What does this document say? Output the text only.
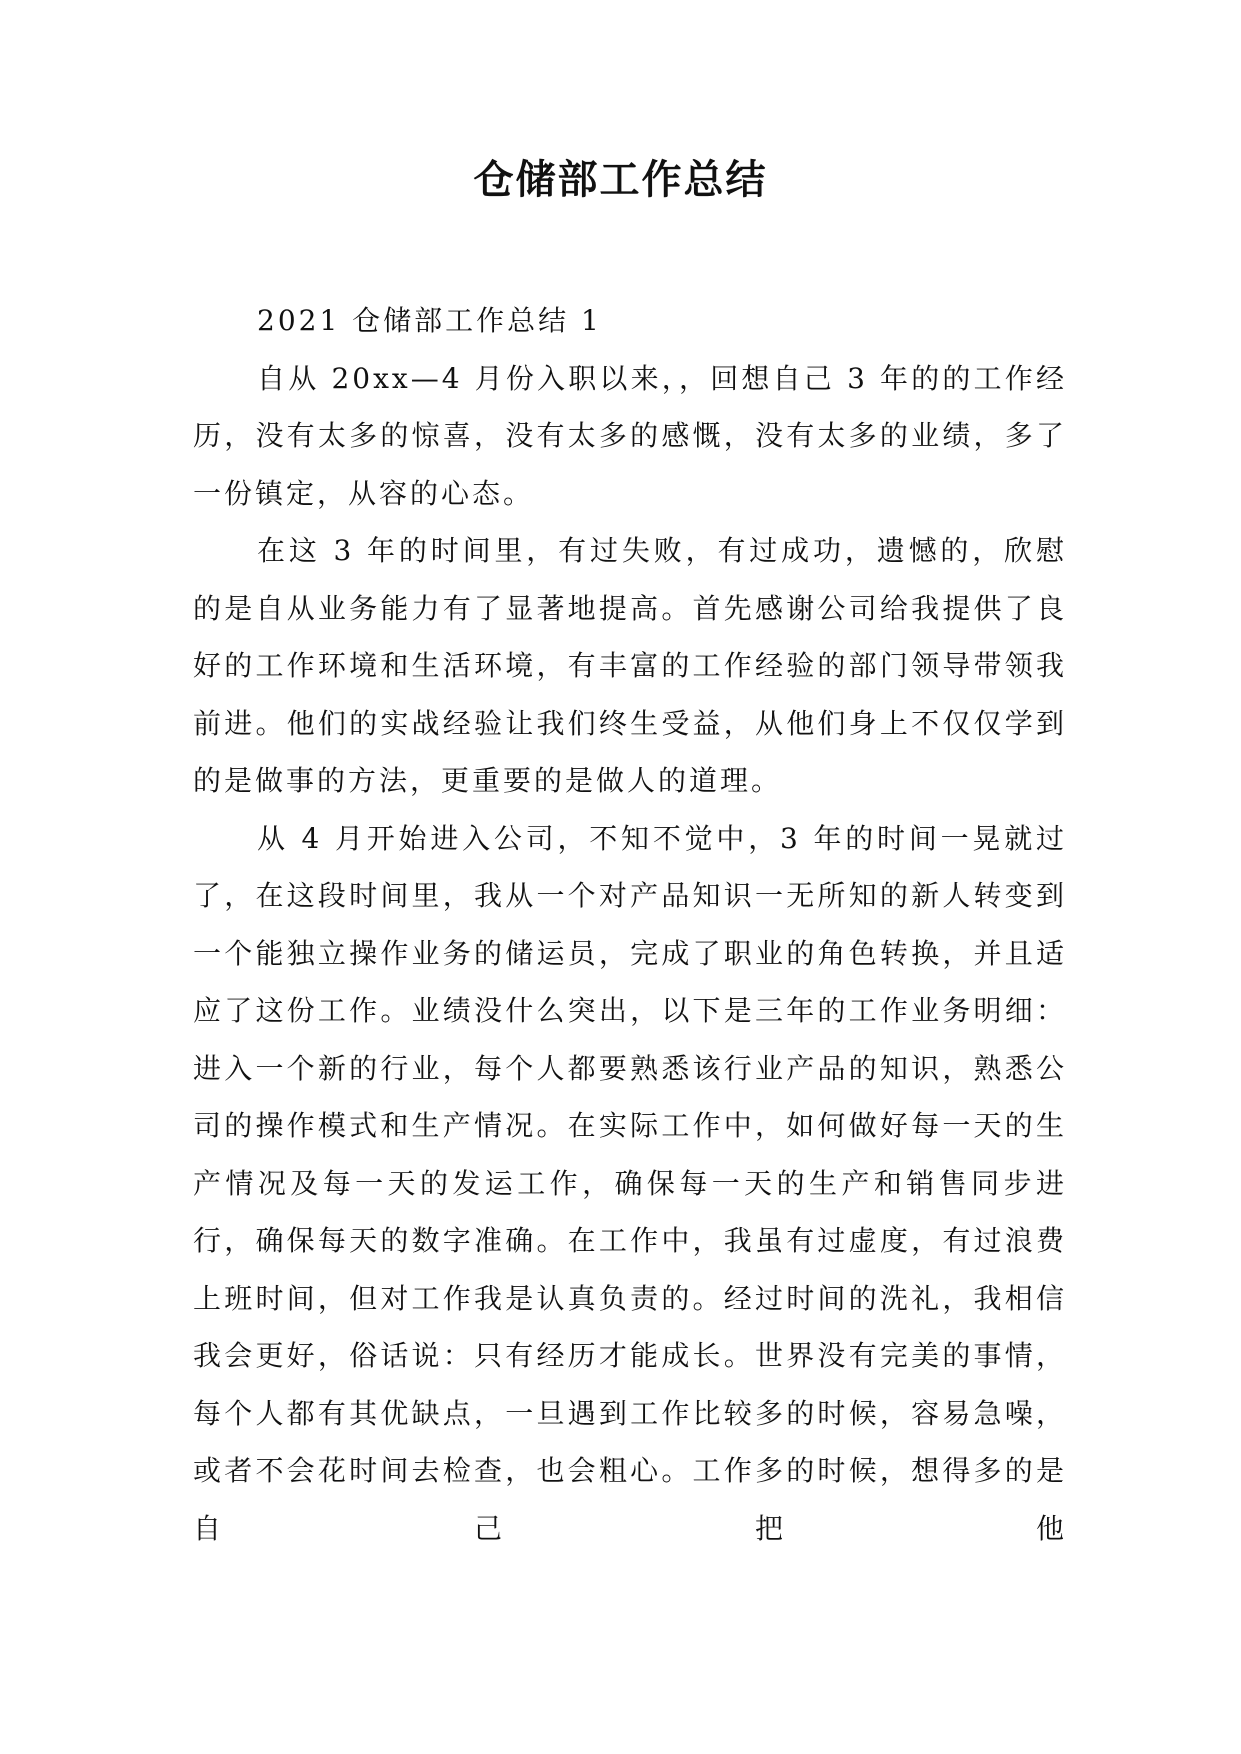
仓储部工作总结

2021 仓储部工作总结 1

自从 20xx—4 月份入职以来，，回想自己 3 年的的工作经历，没有太多的惊喜，没有太多的感慨，没有太多的业绩，多了一份镇定，从容的心态。

在这 3 年的时间里，有过失败，有过成功，遗憾的，欣慰的是自从业务能力有了显著地提高。首先感谢公司给我提供了良好的工作环境和生活环境，有丰富的工作经验的部门领导带领我前进。他们的实战经验让我们终生受益，从他们身上不仅仅学到的是做事的方法，更重要的是做人的道理。

从 4 月开始进入公司，不知不觉中，3 年的时间一晃就过了，在这段时间里，我从一个对产品知识一无所知的新人转变到一个能独立操作业务的储运员，完成了职业的角色转换，并且适应了这份工作。业绩没什么突出，以下是三年的工作业务明细：进入一个新的行业，每个人都要熟悉该行业产品的知识，熟悉公司的操作模式和生产情况。在实际工作中，如何做好每一天的生产情况及每一天的发运工作，确保每一天的生产和销售同步进行，确保每天的数字准确。在工作中，我虽有过虚度，有过浪费上班时间，但对工作我是认真负责的。经过时间的洗礼，我相信我会更好，俗话说：只有经历才能成长。世界没有完美的事情，每个人都有其优缺点，一旦遇到工作比较多的时候，容易急噪，或者不会花时间去检查，也会粗心。工作多的时候，想得多的是自己把他
